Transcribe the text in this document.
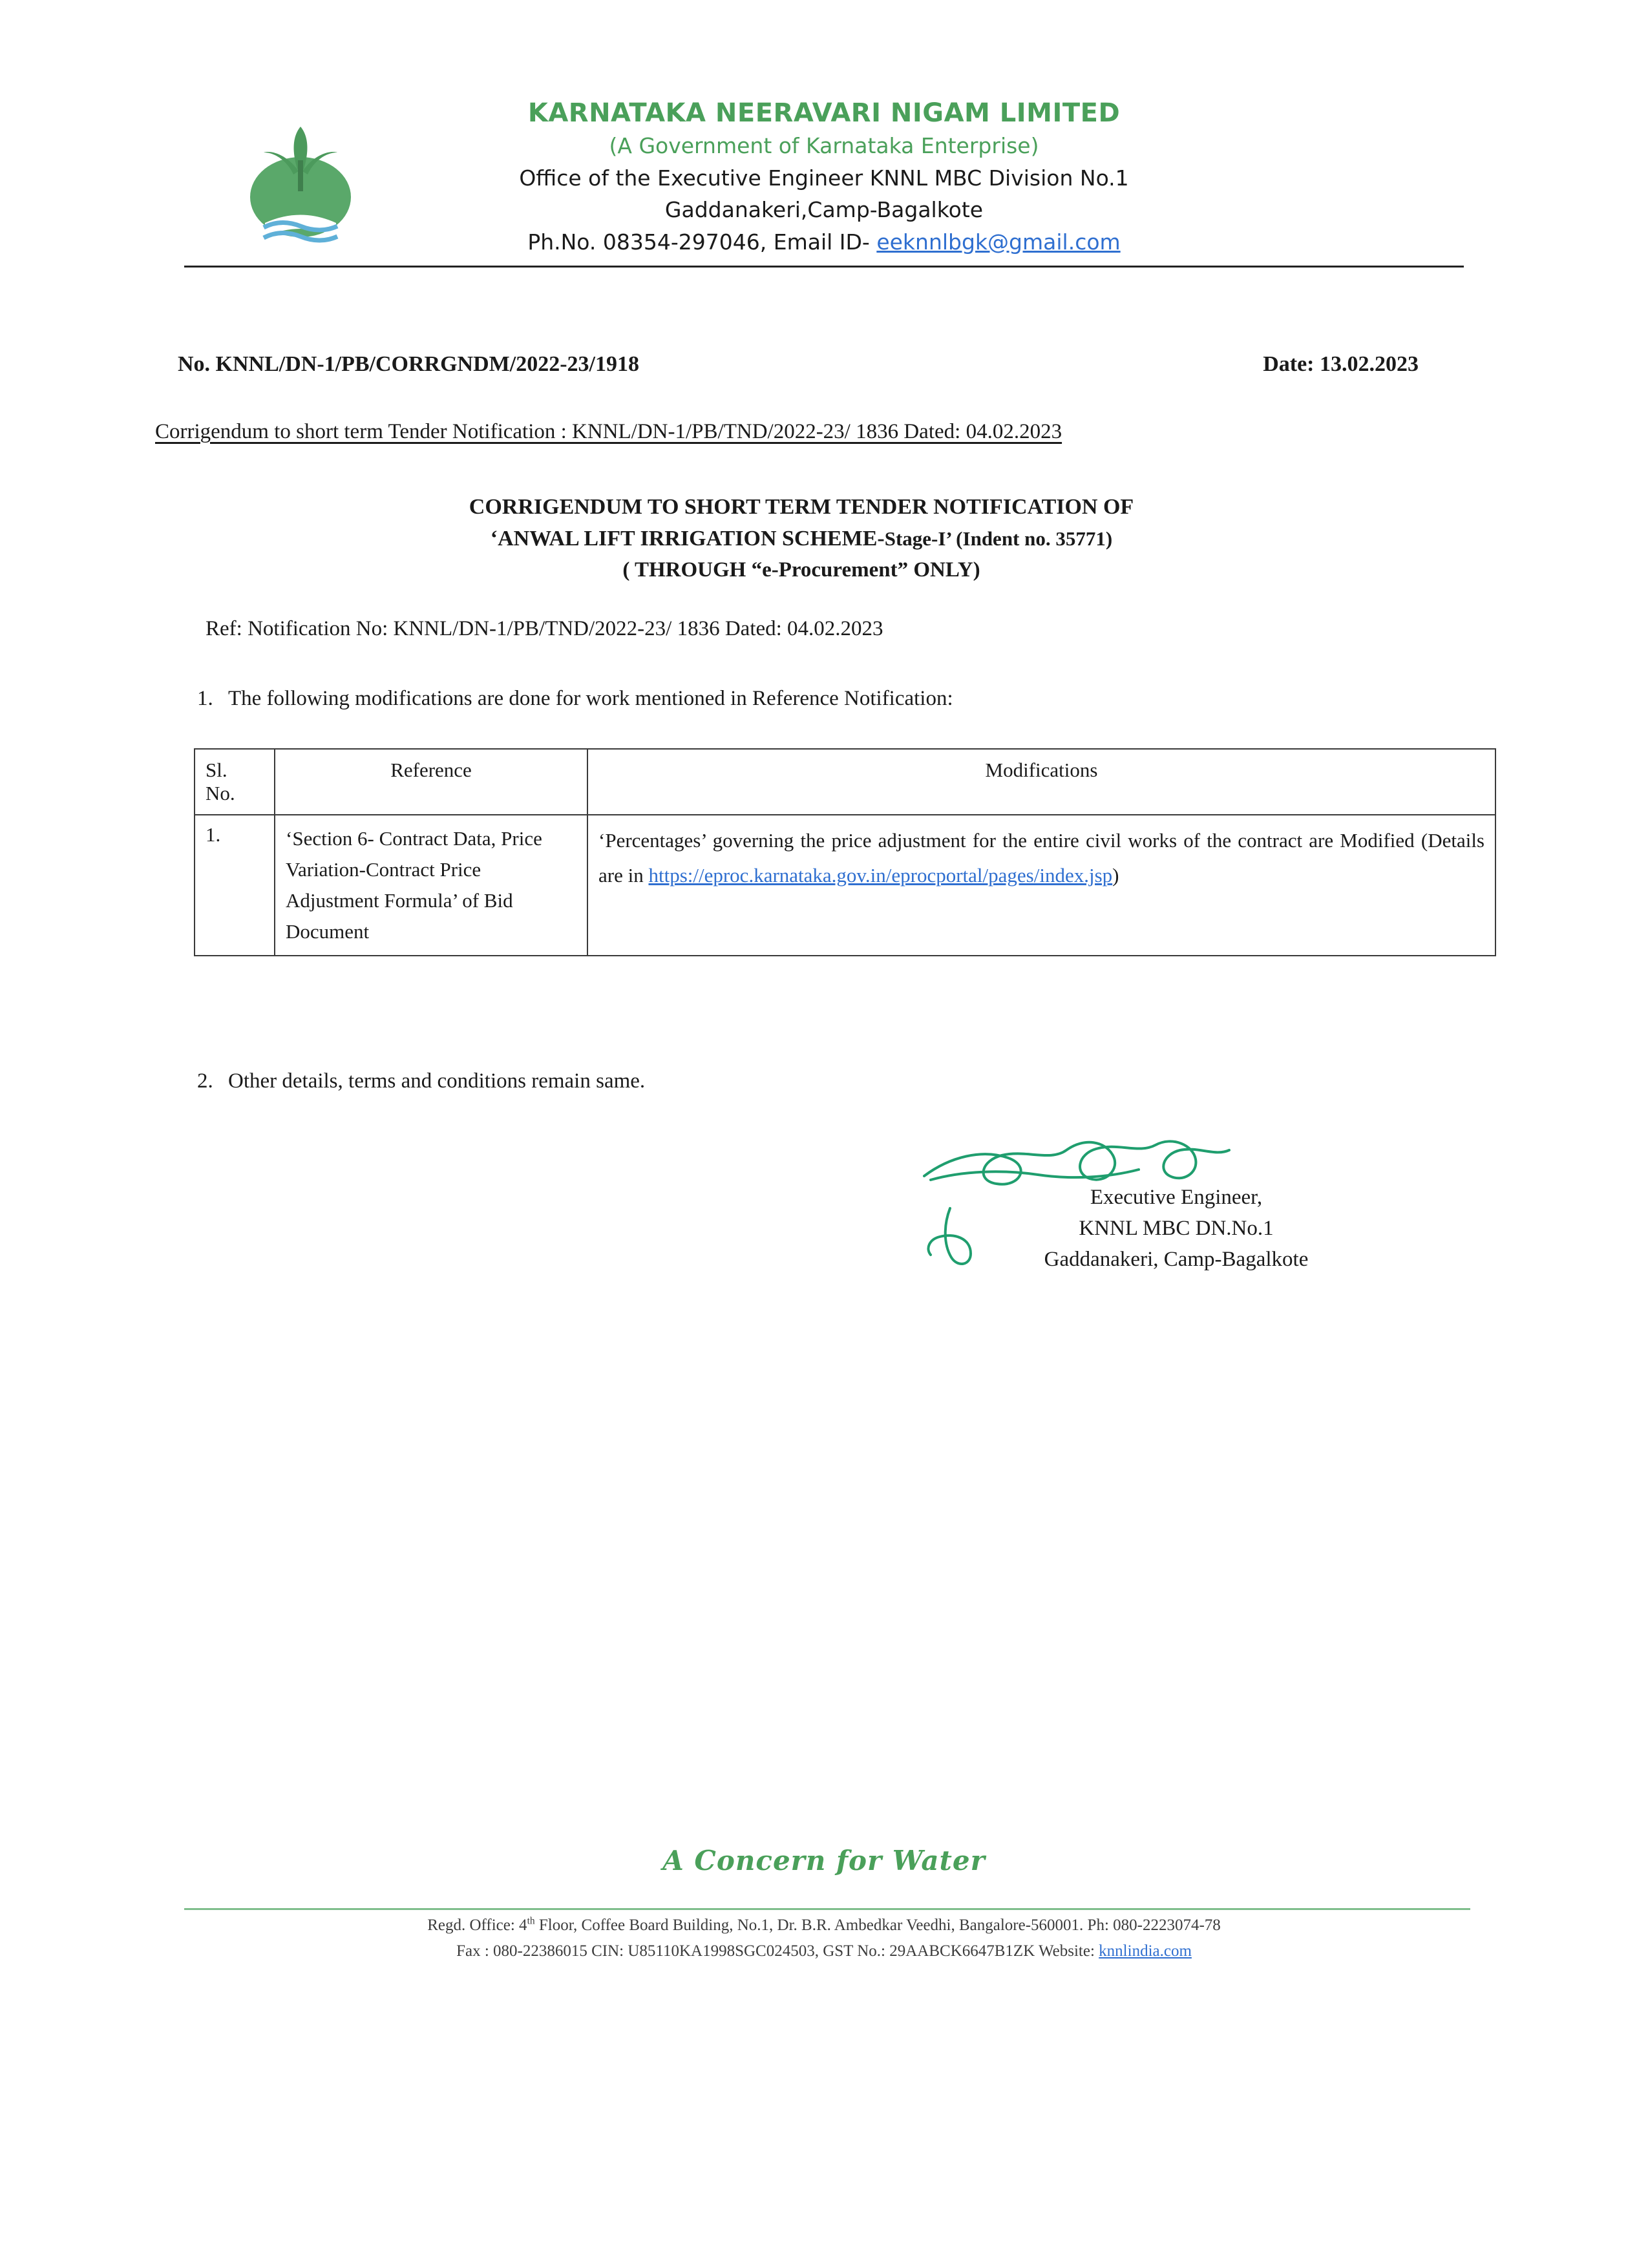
KARNATAKA NEERAVARI NIGAM LIMITED
(A Government of Karnataka Enterprise)
Office of the Executive Engineer KNNL MBC Division No.1
Gaddanakeri,Camp-Bagalkote
Ph.No. 08354-297046, Email ID- eeknnlbgk@gmail.com
No. KNNL/DN-1/PB/CORRGNDM/2022-23/1918	Date: 13.02.2023
Corrigendum to short term Tender Notification : KNNL/DN-1/PB/TND/2022-23/ 1836 Dated: 04.02.2023
CORRIGENDUM TO SHORT TERM TENDER NOTIFICATION OF
‘ANWAL LIFT IRRIGATION SCHEME-Stage-I’ (Indent no. 35771)
( THROUGH “e-Procurement” ONLY)
Ref: Notification No: KNNL/DN-1/PB/TND/2022-23/ 1836 Dated: 04.02.2023
1. The following modifications are done for work mentioned in Reference Notification:
Sl.
No.	Reference	Modifications
1.	‘Section 6- Contract Data, Price Variation-Contract Price Adjustment Formula’ of Bid Document	‘Percentages’ governing the price adjustment for the entire civil works of the contract are Modified (Details are in https://eproc.karnataka.gov.in/eprocportal/pages/index.jsp)
2. Other details, terms and conditions remain same.
Executive Engineer,
KNNL MBC DN.No.1
Gaddanakeri, Camp-Bagalkote
A Concern for Water
Regd. Office: 4th Floor, Coffee Board Building, No.1, Dr. B.R. Ambedkar Veedhi, Bangalore-560001. Ph: 080-2223074-78
Fax : 080-22386015 CIN: U85110KA1998SGC024503, GST No.: 29AABCK6647B1ZK Website: knnlindia.com
